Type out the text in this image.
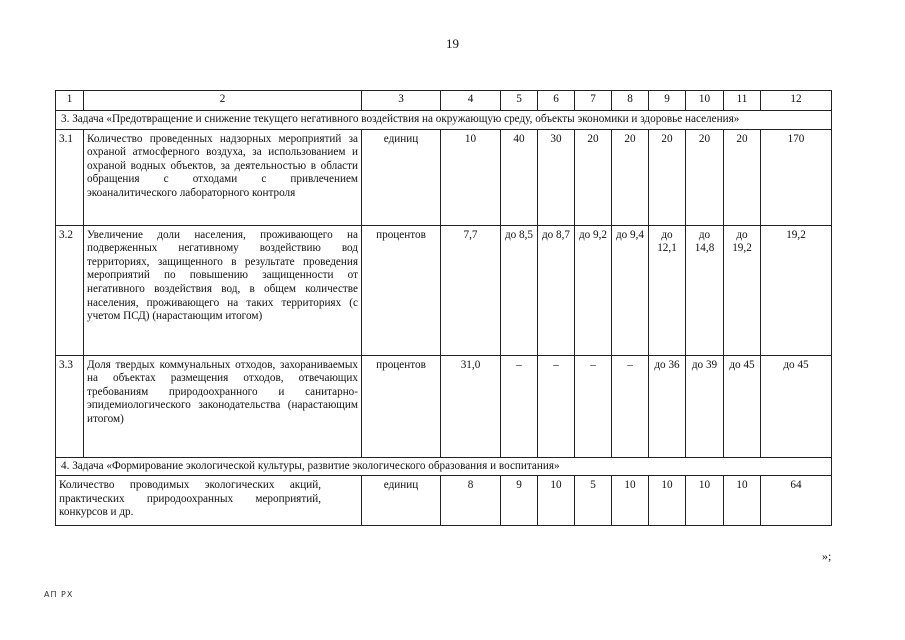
19
1	2	3	4	5	6	7	8	9	10	11	12
3. Задача «Предотвращение и снижение текущего негативного воздействия на окружающую среду, объекты экономики и здоровье населения»											
3.1	Количество проведенных надзорных мероприятий за охраной атмосферного воздуха, за использованием и охраной водных объектов, за деятельностью в области обращения с отходами с привлечением экоаналитического лабораторного контроля	единиц	10	40	30	20	20	20	20	20	170
3.2	Увеличение доли населения, проживающего на подверженных негативному воздействию вод территориях, защищенного в результате проведения мероприятий по повышению защищенности от негативного воздействия вод, в общем количестве населения, проживающего на таких территориях (с учетом ПСД) (нарастающим итогом)	процентов	7,7	до 8,5	до 8,7	до 9,2	до 9,4	до 12,1	до 14,8	до 19,2	19,2
3.3	Доля твердых коммунальных отходов, захораниваемых на объектах размещения отходов, отвечающих требованиям природоохранного и санитарно-эпидемиологического законодательства (нарастающим итогом)	процентов	31,0	–	–	–	–	до 36	до 39	до 45	до 45
4. Задача «Формирование экологической культуры, развитие экологического образования и воспитания»											
Количество проводимых экологических акций, практических природоохранных мероприятий, конкурсов и др.		единиц	8	9	10	5	10	10	10	10	64
»;
АП РХ
